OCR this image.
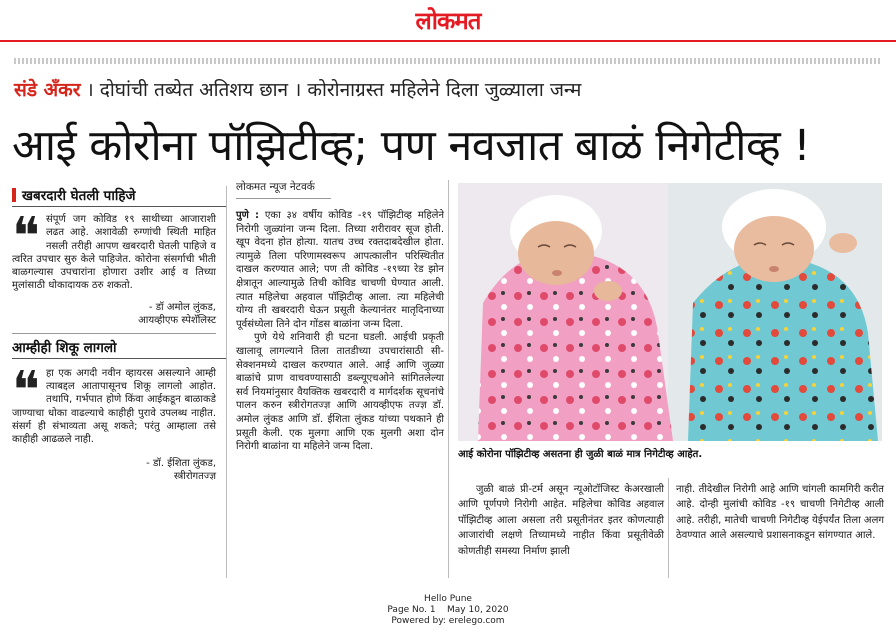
लोकमत
संडे अँकर । दोघांची तब्येत अतिशय छान । कोरोनाग्रस्त महिलेने दिला जुळ्याला जन्म
आई कोरोना पॉझिटीव्ह; पण नवजात बाळं निगेटीव्ह !
खबरदारी घेतली पाहिजे
❝ संपूर्ण जग कोविड १९ साथीच्या आजाराशी लढत आहे. अशावेळी रुग्णांची स्थिती माहित नसली तरीही आपण खबरदारी घेतली पाहिजे व त्वरित उपचार सुरु केले पाहिजेत. कोरोना संसर्गाची भीती बाळगल्यास उपचारांना होणारा उशीर आई व तिच्या मुलांसाठी धोकादायक ठरु शकतो.

- डॉ अमोल लुंकड,
आयव्हीएफ स्पेशॅलिस्ट
आम्हीही शिकू लागलो
❝ हा एक अगदी नवीन व्हायरस असल्याने आम्ही त्याबद्दल आतापासूनच शिकू लागलो आहोत. तथापि, गर्भपात होणे किंवा आईकडून बाळाकडे जाण्याचा धोका वाढल्याचे काहीही पुरावे उपलब्ध नाहीत. संसर्ग ही संभाव्यता असू शकते; परंतु आम्हाला तसे काहीही आढळले नाही.

- डॉ. ईशिता लुंकड,
स्त्रीरोगतज्ज्ञ
लोकमत न्यूज नेटवर्क

पुणे : एका ३४ वर्षीय कोविड -१९ पॉझिटीव्ह महिलेने निरोगी जुळ्यांना जन्म दिला. तिच्या शरीरावर सूज होती. खूप वेदना होत होत्या. यातच उच्च रक्तदाबदेखील होता. त्यामुळे तिला परिणामस्वरूप आपत्कालीन परिस्थितीत दाखल करण्यात आले; पण ती कोविड -१९च्या रेड झोन क्षेत्रातून आल्यामुळे तिची कोविड चाचणी घेण्यात आली. त्यात महिलेचा अहवाल पॉझिटीव्ह आला. त्या महिलेची योग्य ती खबरदारी घेऊन प्रसूती केल्यानंतर मातृदिनाच्या पूर्वसंध्येला तिने दोन गोंडस बाळांना जन्म दिला.

पुणे येथे शनिवारी ही घटना घडली. आईची प्रकृती खालावू लागल्याने तिला तातडीच्या उपचारांसाठी सी-सेक्शनमध्ये दाखल करण्यात आले. आई आणि जुळ्या बाळांचे प्राण वाचवण्यासाठी डब्ल्यूएचओने सांगितलेल्या सर्व नियमांनुसार वैयक्तिक खबरदारी व मार्गदर्शक सूचनांचे पालन करुन स्त्रीरोगतज्ज्ञ आणि आयव्हीएफ तज्ज्ञ डॉ. अमोल लुंकड आणि डॉ. ईशिता लुंकड यांच्या पथकाने ही प्रसूती केली. एक मुलगा आणि एक मुलगी अशा दोन निरोगी बाळांना या महिलेने जन्म दिला.

आई कोरोना पॉझिटीव्ह असतना ही जुळी बाळं मात्र निगेटीव्ह आहेत.

जुळी बाळं प्री-टर्म असून न्यूओटॉजिस्ट केअरखाली आणि पूर्णपणे निरोगी आहेत. महिलेचा कोविड अहवाल पॉझिटीव्ह आला असला तरी प्रसूतीनंतर इतर कोणत्याही आजारांची लक्षणे तिच्यामध्ये नाहीत किंवा प्रसूतीवेळी कोणतीही समस्या निर्माण झाली

नाही. तीदेखील निरोगी आहे आणि चांगली कामगिरी करीत आहे. दोन्ही मुलांची कोविड -१९ चाचणी निगेटीव्ह आली आहे. तरीही, मातेची चाचणी निगेटीव्ह येईपर्यंत तिला अलग ठेवण्यात आले असल्याचे प्रशासनाकडून सांगण्यात आले.

Hello Pune
Page No. 1    May 10, 2020
Powered by: erelego.com
